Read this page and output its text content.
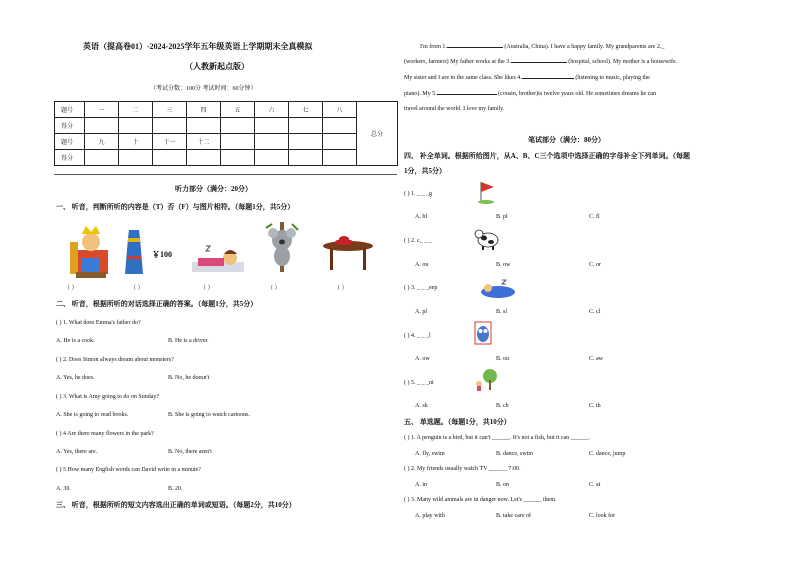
英语（提高卷01）-2024-2025学年五年级英语上学期期末全真模拟
（人教新起点版）
（考试分数：100分 考试时间：60分钟）
题号	一	二	三	四	五	六	七	八	总分
得分									
题号	九	十	十一	十二					
得分									
听力部分（满分：20分）
一、 听音，判断所听的内容是（T）否（F）与图片相符。（每题1分，共5分）
￥100
（ ）	（ ）	（ ）	（ ）	（ ）
二、 听音，根据所听的对话选择正确的答案。（每题1分，共5分）
( ) 1. What does Emma's father do?
A. He is a cook.	B. He is a driver.
( ) 2. Does Simon always dream about monsters?
A. Yes, he does.	B. No, he doesn't
( ) 3. What is Amy going to do on Sunday?
A. She is going to read books.	B. She is going to watch cartoons.
( ) 4 Are there many flowers in the park?
A. Yes, there are.	B. No, there aren't
( ) 5 How many English words can David write in a minute?
A. 30.	B. 20.
三、 听音，根据所听的短文内容选出正确的单词或短语。（每题2分，共10分）
I'm from 1.	(Australia, China). I have a happy family. My grandparents are 2._
(workers, farmers) My father works at the 3.	(hospital, school). My mother is a housewife.
My sister and I are in the same class. She likes 4.	(listening to music, playing the
piano). My 5.	(cousin, brother)is twelve years old. He sometimes dreams he can
travel around the world. I love my family.
笔试部分（满分：80分）
四、 补全单词。根据所给图片，从A、B、C三个选项中选择正确的字母补全下列单词。（每题
1分，共5分）
( ) 1. _ _ _g
A. bl	B. pl	C. fl
( ) 2. c_ _ _
A. ou	B. ow	C. or
( ) 3. _ _ _eep
A. pl	B. sl	C. cl
( ) 4. _ _ _l
A. ow	B. ou	C. aw
( ) 5. _ _ _nt
A. sh	B. ch	C. th
五、 单选题。（每题1分，共10分）
( ) 1. A penguin is a bird, but it can't ______. It's not a fish, but it can ______.
A. fly, swim	B. dance, swim	C. dance, jump
( ) 2. My friends usually watch TV ______ 7:00.
A. in	B. on	C. at
( ) 3. Many wild animals are in danger now. Let's ______ them.
A. play with	B. take care of	C. look for
